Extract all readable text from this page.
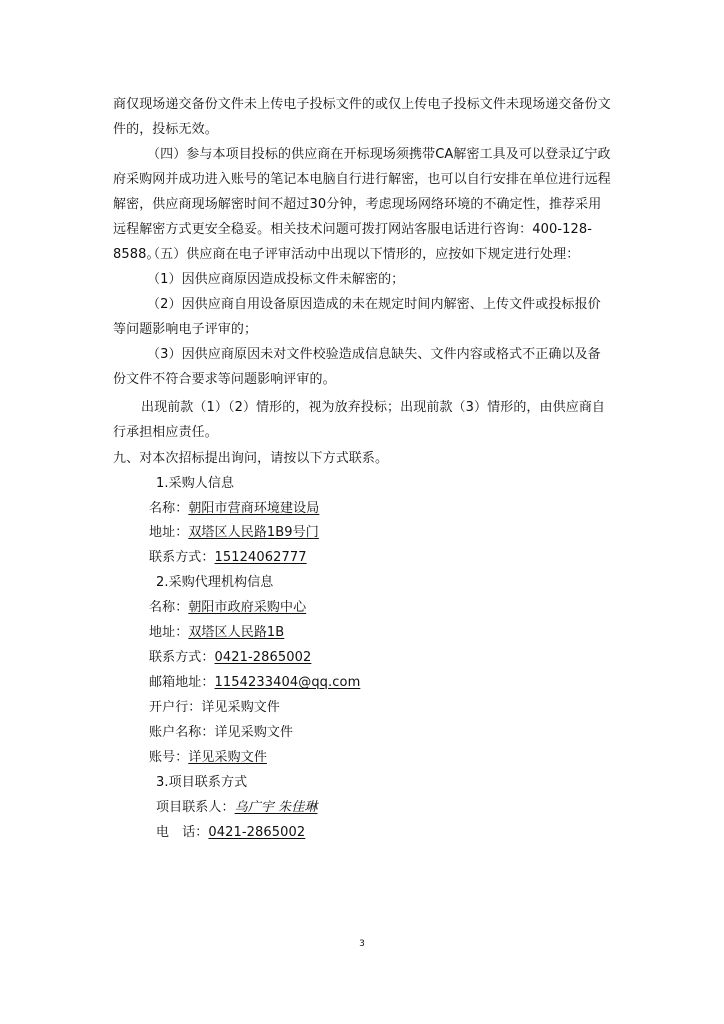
商仅现场递交备份文件未上传电子投标文件的或仅上传电子投标文件未现场递交备份文件的，投标无效。
（四）参与本项目投标的供应商在开标现场须携带CA解密工具及可以登录辽宁政府采购网并成功进入账号的笔记本电脑自行进行解密，也可以自行安排在单位进行远程解密，供应商现场解密时间不超过30分钟，考虑现场网络环境的不确定性，推荐采用远程解密方式更安全稳妥。相关技术问题可拨打网站客服电话进行咨询：400-128-8588。
（五）供应商在电子评审活动中出现以下情形的，应按如下规定进行处理：
（1）因供应商原因造成投标文件未解密的；
（2）因供应商自用设备原因造成的未在规定时间内解密、上传文件或投标报价等问题影响电子评审的；
（3）因供应商原因未对文件校验造成信息缺失、文件内容或格式不正确以及备份文件不符合要求等问题影响评审的。
出现前款（1）（2）情形的，视为放弃投标；出现前款（3）情形的，由供应商自行承担相应责任。
九、对本次招标提出询问，请按以下方式联系。
1.采购人信息
名称：朝阳市营商环境建设局
地址：双塔区人民路1B9号门
联系方式：15124062777
2.采购代理机构信息
名称：朝阳市政府采购中心
地址：双塔区人民路1B
联系方式：0421-2865002
邮箱地址：1154233404@qq.com
开户行：详见采购文件
账户名称：详见采购文件
账号：详见采购文件
3.项目联系方式
项目联系人：乌广宇 朱佳琳
电　话：0421-2865002
3
